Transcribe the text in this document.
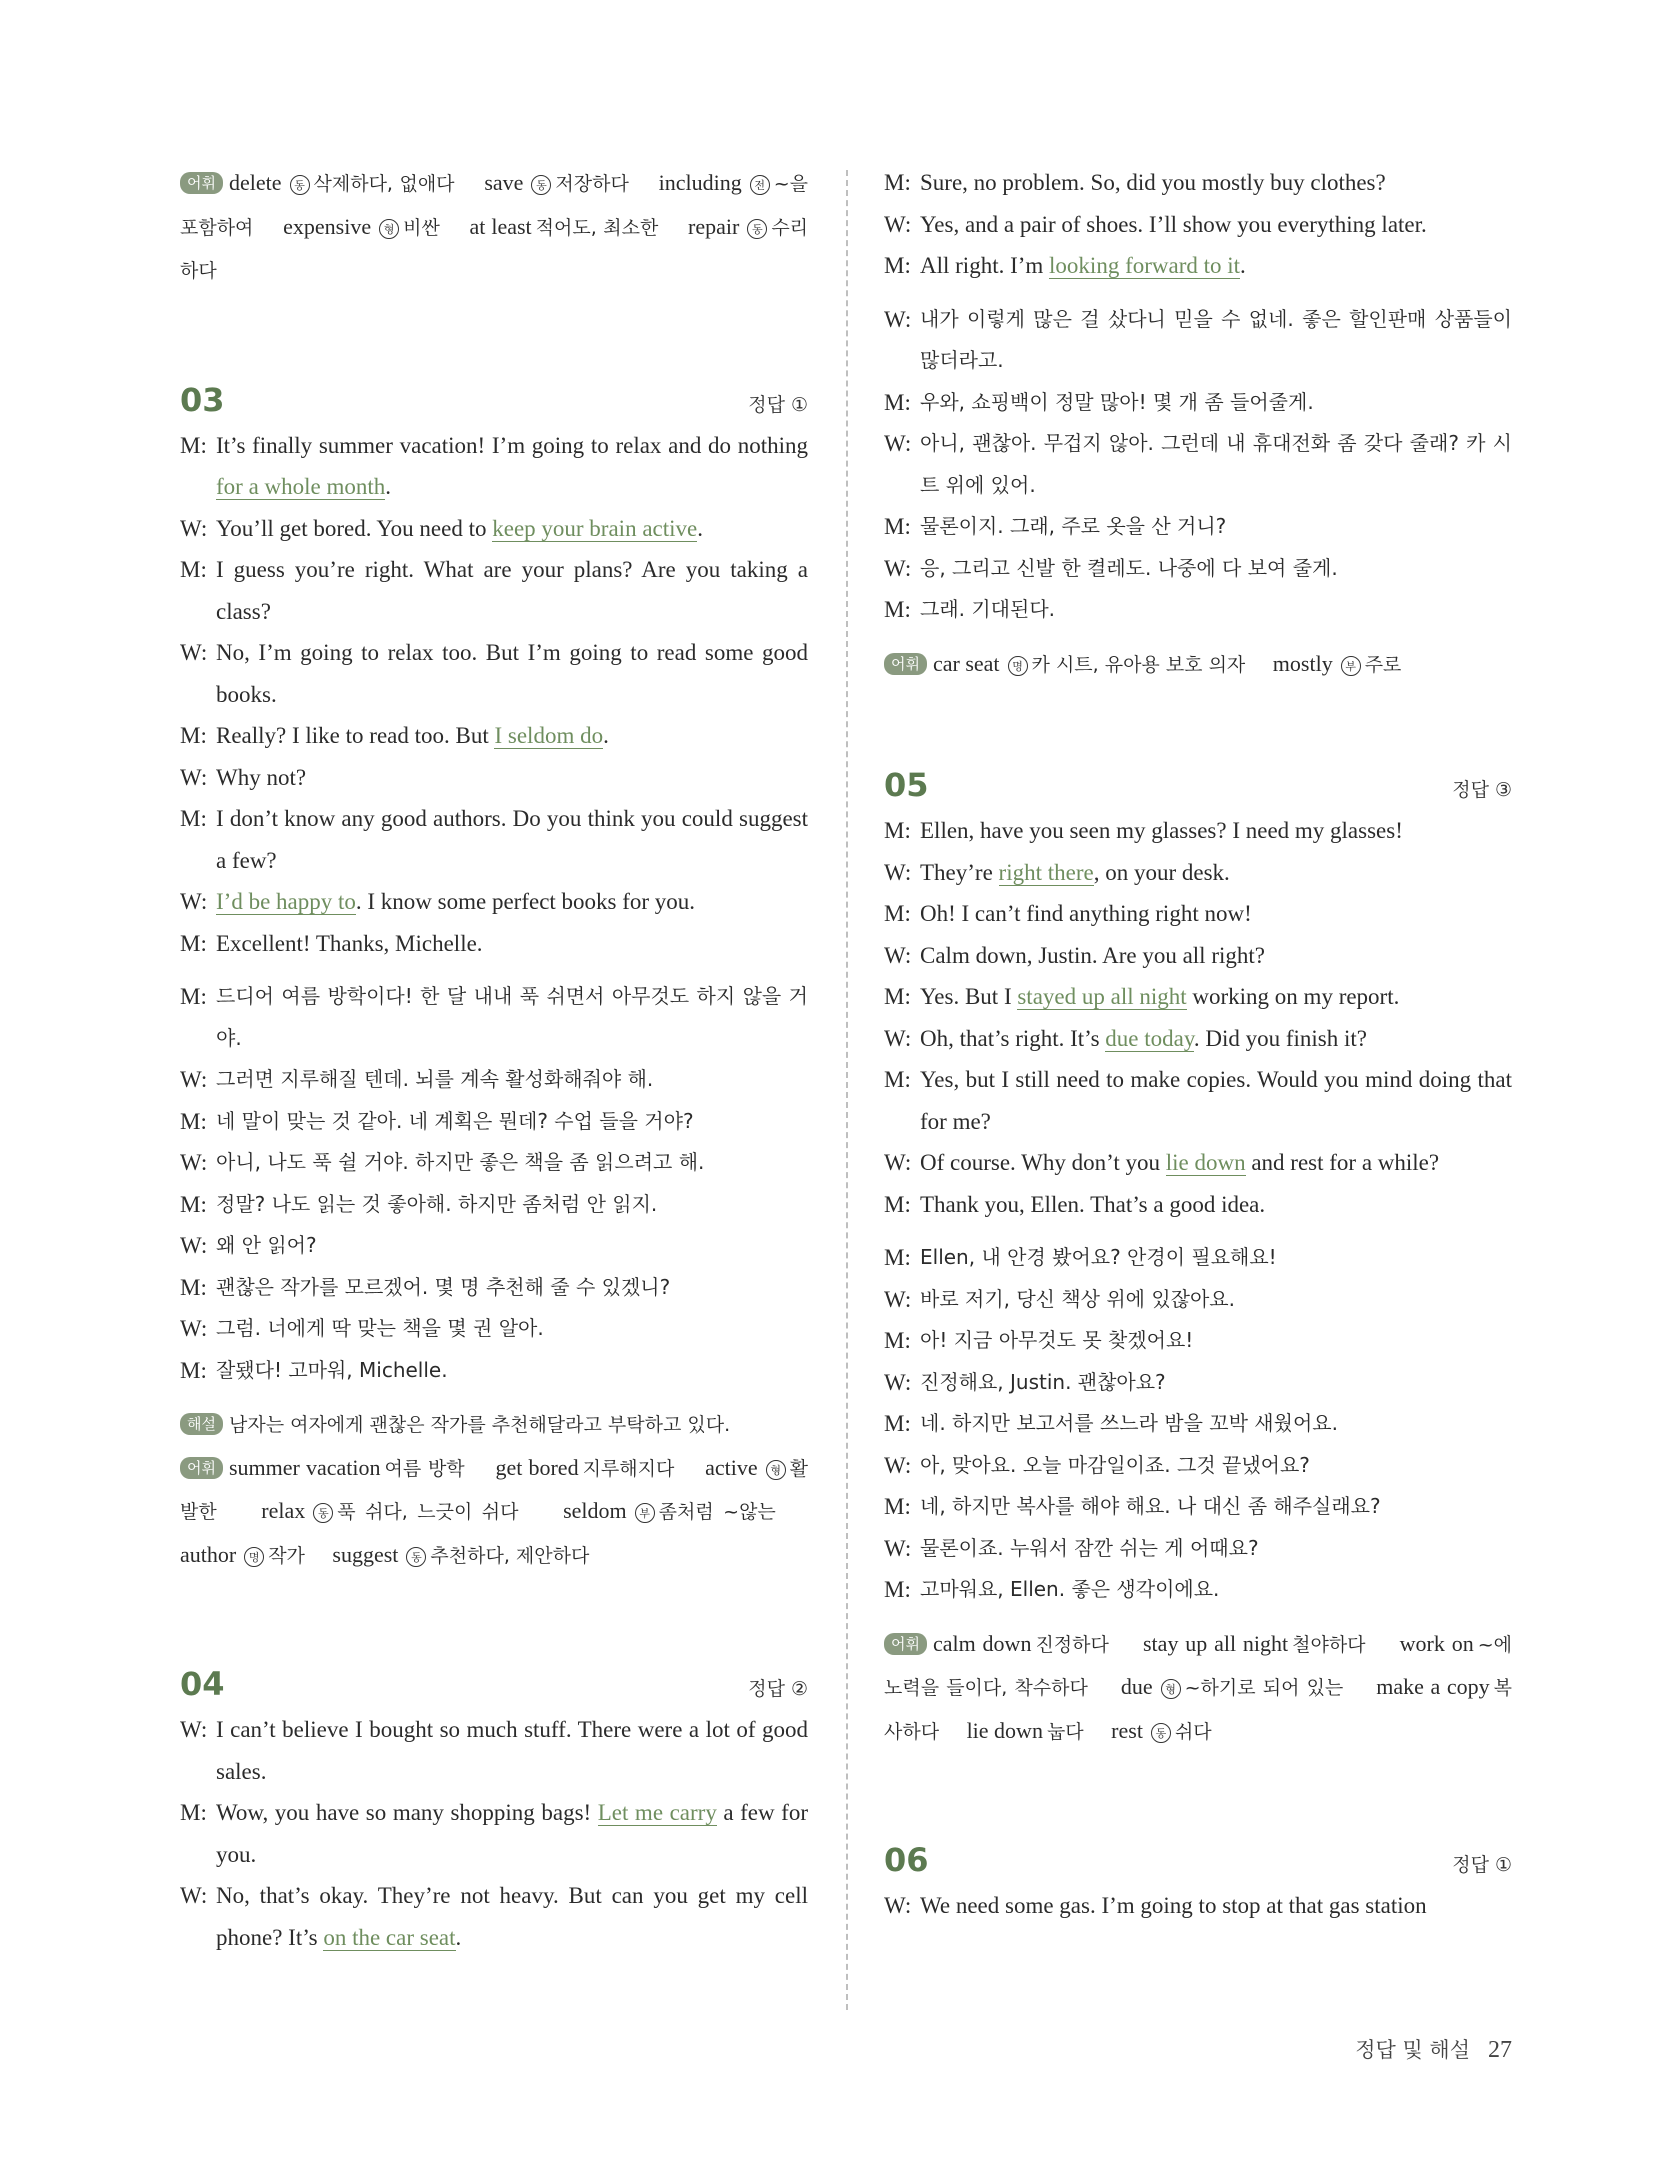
어휘 delete 동 삭제하다, 없애다 save 동 저장하다 including 전 ~을 포함하여 expensive 형 비싼 at least 적어도, 최소한 repair 동 수리하다
03	정답 ①
M: It’s finally summer vacation! I’m going to relax and do nothing for a whole month.
W: You’ll get bored. You need to keep your brain active.
M: I guess you’re right. What are your plans? Are you taking a class?
W: No, I’m going to relax too. But I’m going to read some good books.
M: Really? I like to read too. But I seldom do.
W: Why not?
M: I don’t know any good authors. Do you think you could suggest a few?
W: I’d be happy to. I know some perfect books for you.
M: Excellent! Thanks, Michelle.
M: 드디어 여름 방학이다! 한 달 내내 푹 쉬면서 아무것도 하지 않을 거야.
W: 그러면 지루해질 텐데. 뇌를 계속 활성화해줘야 해.
M: 네 말이 맞는 것 같아. 네 계획은 뭔데? 수업 들을 거야?
W: 아니, 나도 푹 쉴 거야. 하지만 좋은 책을 좀 읽으려고 해.
M: 정말? 나도 읽는 것 좋아해. 하지만 좀처럼 안 읽지.
W: 왜 안 읽어?
M: 괜찮은 작가를 모르겠어. 몇 명 추천해 줄 수 있겠니?
W: 그럼. 너에게 딱 맞는 책을 몇 권 알아.
M: 잘됐다! 고마워, Michelle.
해설 남자는 여자에게 괜찮은 작가를 추천해달라고 부탁하고 있다.
어휘 summer vacation 여름 방학 get bored 지루해지다 active 형 활발한 relax 동 푹 쉬다, 느긋이 쉬다 seldom 부 좀처럼 ~않는     author 명 작가 suggest 동 추천하다, 제안하다
04	정답 ②
W: I can’t believe I bought so much stuff. There were a lot of good sales.
M: Wow, you have so many shopping bags! Let me carry a few for you.
W: No, that’s okay. They’re not heavy. But can you get my cell phone? It’s on the car seat.
M: Sure, no problem. So, did you mostly buy clothes?
W: Yes, and a pair of shoes. I’ll show you everything later.
M: All right. I’m looking forward to it.
W: 내가 이렇게 많은 걸 샀다니 믿을 수 없네. 좋은 할인판매 상품들이 많더라고.
M: 우와, 쇼핑백이 정말 많아! 몇 개 좀 들어줄게.
W: 아니, 괜찮아. 무겁지 않아. 그런데 내 휴대전화 좀 갖다 줄래? 카 시트 위에 있어.
M: 물론이지. 그래, 주로 옷을 산 거니?
W: 응, 그리고 신발 한 켤레도. 나중에 다 보여 줄게.
M: 그래. 기대된다.
어휘 car seat 명 카 시트, 유아용 보호 의자 mostly 부 주로
05	정답 ③
M: Ellen, have you seen my glasses? I need my glasses!
W: They’re right there, on your desk.
M: Oh! I can’t find anything right now!
W: Calm down, Justin. Are you all right?
M: Yes. But I stayed up all night working on my report.
W: Oh, that’s right. It’s due today. Did you finish it?
M: Yes, but I still need to make copies. Would you mind doing that for me?
W: Of course. Why don’t you lie down and rest for a while?
M: Thank you, Ellen. That’s a good idea.
M: Ellen, 내 안경 봤어요? 안경이 필요해요!
W: 바로 저기, 당신 책상 위에 있잖아요.
M: 아! 지금 아무것도 못 찾겠어요!
W: 진정해요, Justin. 괜찮아요?
M: 네. 하지만 보고서를 쓰느라 밤을 꼬박 새웠어요.
W: 아, 맞아요. 오늘 마감일이죠. 그것 끝냈어요?
M: 네, 하지만 복사를 해야 해요. 나 대신 좀 해주실래요?
W: 물론이죠. 누워서 잠깐 쉬는 게 어때요?
M: 고마워요, Ellen. 좋은 생각이에요.
어휘 calm down 진정하다 stay up all night 철야하다 work on ~에 노력을 들이다, 착수하다 due 형 ~하기로 되어 있는 make a copy 복사하다 lie down 눕다 rest 동 쉬다
06	정답 ①
W: We need some gas. I’m going to stop at that gas station
정답 및 해설 27
